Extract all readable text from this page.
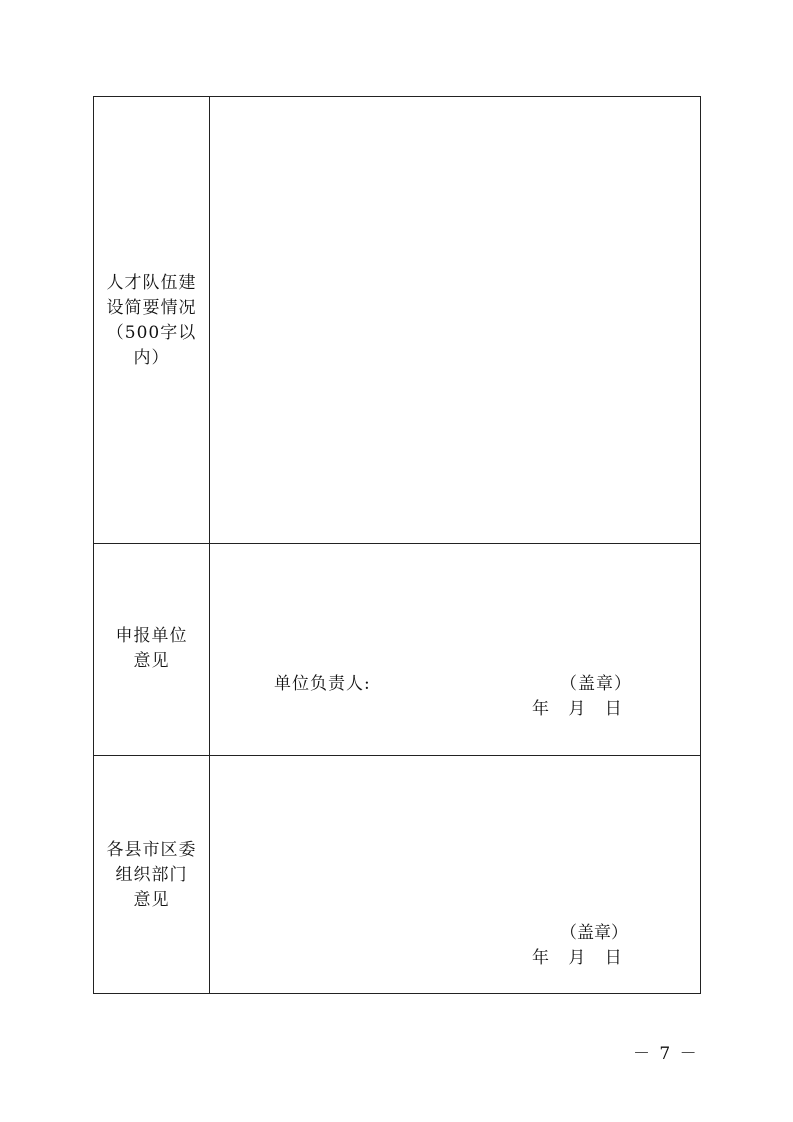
人才队伍建
设简要情况
（500字以
内）
申报单位
意见
单位负责人:	（盖章）
年 月 日
各县市区委
组织部门
意见
（盖章）
年 月 日
－ 7 －
